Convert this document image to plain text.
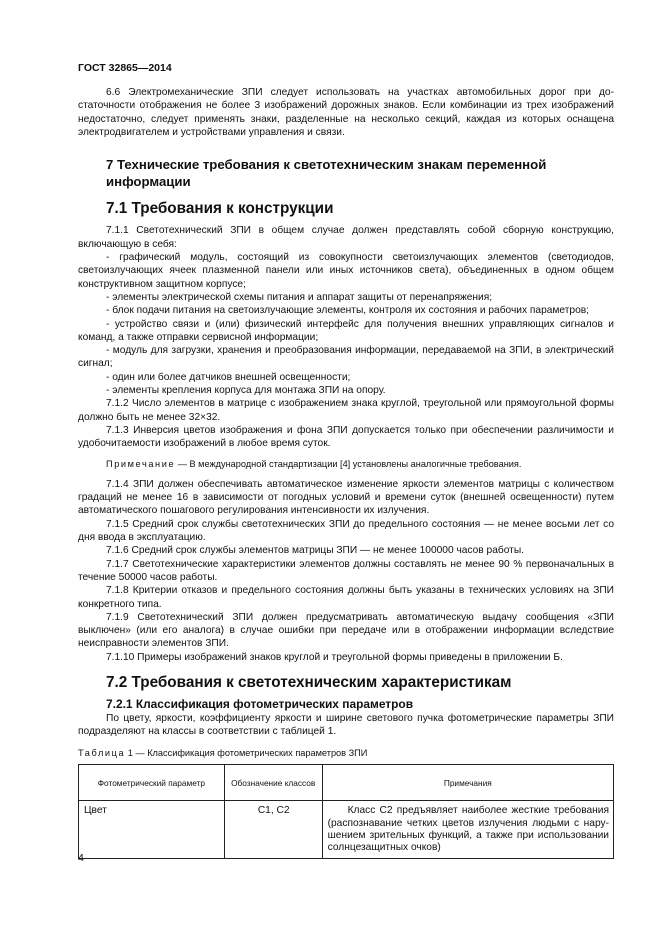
ГОСТ 32865—2014

6.6 Электромеханические ЗПИ следует использовать на участках автомобильных дорог при достаточности отображения не более 3 изображений дорожных знаков. Если комбинации из трех изображений недостаточно, следует применять знаки, разделенные на несколько секций, каждая из которых оснащена электродвигателем и устройствами управления и связи.

7 Технические требования к светотехническим знакам переменной информации
7.1 Требования к конструкции

7.1.1 Светотехнический ЗПИ в общем случае должен представлять собой сборную конструкцию, включающую в себя:

- графический модуль, состоящий из совокупности светоизлучающих элементов (светодиодов, светоизлучающих ячеек плазменной панели или иных источников света), объединенных в одном общем конструктивном защитном корпусе;

- элементы электрической схемы питания и аппарат защиты от перенапряжения;

- блок подачи питания на светоизлучающие элементы, контроля их состояния и рабочих параметров;

- устройство связи и (или) физический интерфейс для получения внешних управляющих сигналов и команд, а также отправки сервисной информации;

- модуль для загрузки, хранения и преобразования информации, передаваемой на ЗПИ, в электрический сигнал;

- один или более датчиков внешней освещенности;

- элементы крепления корпуса для монтажа ЗПИ на опору.

7.1.2 Число элементов в матрице с изображением знака круглой, треугольной или прямоугольной формы должно быть не менее 32×32.

7.1.3 Инверсия цветов изображения и фона ЗПИ допускается только при обеспечении различимости и удобочитаемости изображений в любое время суток.

Примечание — В международной стандартизации [4] установлены аналогичные требования.

7.1.4 ЗПИ должен обеспечивать автоматическое изменение яркости элементов матрицы с количеством градаций не менее 16 в зависимости от погодных условий и времени суток (внешней освещенности) путем автоматического пошагового регулирования интенсивности их излучения.

7.1.5 Средний срок службы светотехнических ЗПИ до предельного состояния — не менее восьми лет со дня ввода в эксплуатацию.

7.1.6 Средний срок службы элементов матрицы ЗПИ — не менее 100000 часов работы.

7.1.7 Светотехнические характеристики элементов должны составлять не менее 90 % первоначальных в течение 50000 часов работы.

7.1.8 Критерии отказов и предельного состояния должны быть указаны в технических условиях на ЗПИ конкретного типа.

7.1.9 Светотехнический ЗПИ должен предусматривать автоматическую выдачу сообщения «ЗПИ выключен» (или его аналога) в случае ошибки при передаче или в отображении информации вследствие неисправности элементов ЗПИ.

7.1.10 Примеры изображений знаков круглой и треугольной формы приведены в приложении Б.

7.2 Требования к светотехническим характеристикам
7.2.1 Классификация фотометрических параметров

По цвету, яркости, коэффициенту яркости и ширине светового пучка фотометрические параметры ЗПИ подразделяют на классы в соответствии с таблицей 1.

Таблица 1 — Классификация фотометрических параметров ЗПИ

Фотометрический параметр	Обозначение классов	Примечания
Цвет	С1, С2	Класс С2 предъявляет наиболее жесткие требования (распознавание четких цветов излучения людьми с нарушением зрительных функций, а также при использовании солнцезащитных очков)
4
